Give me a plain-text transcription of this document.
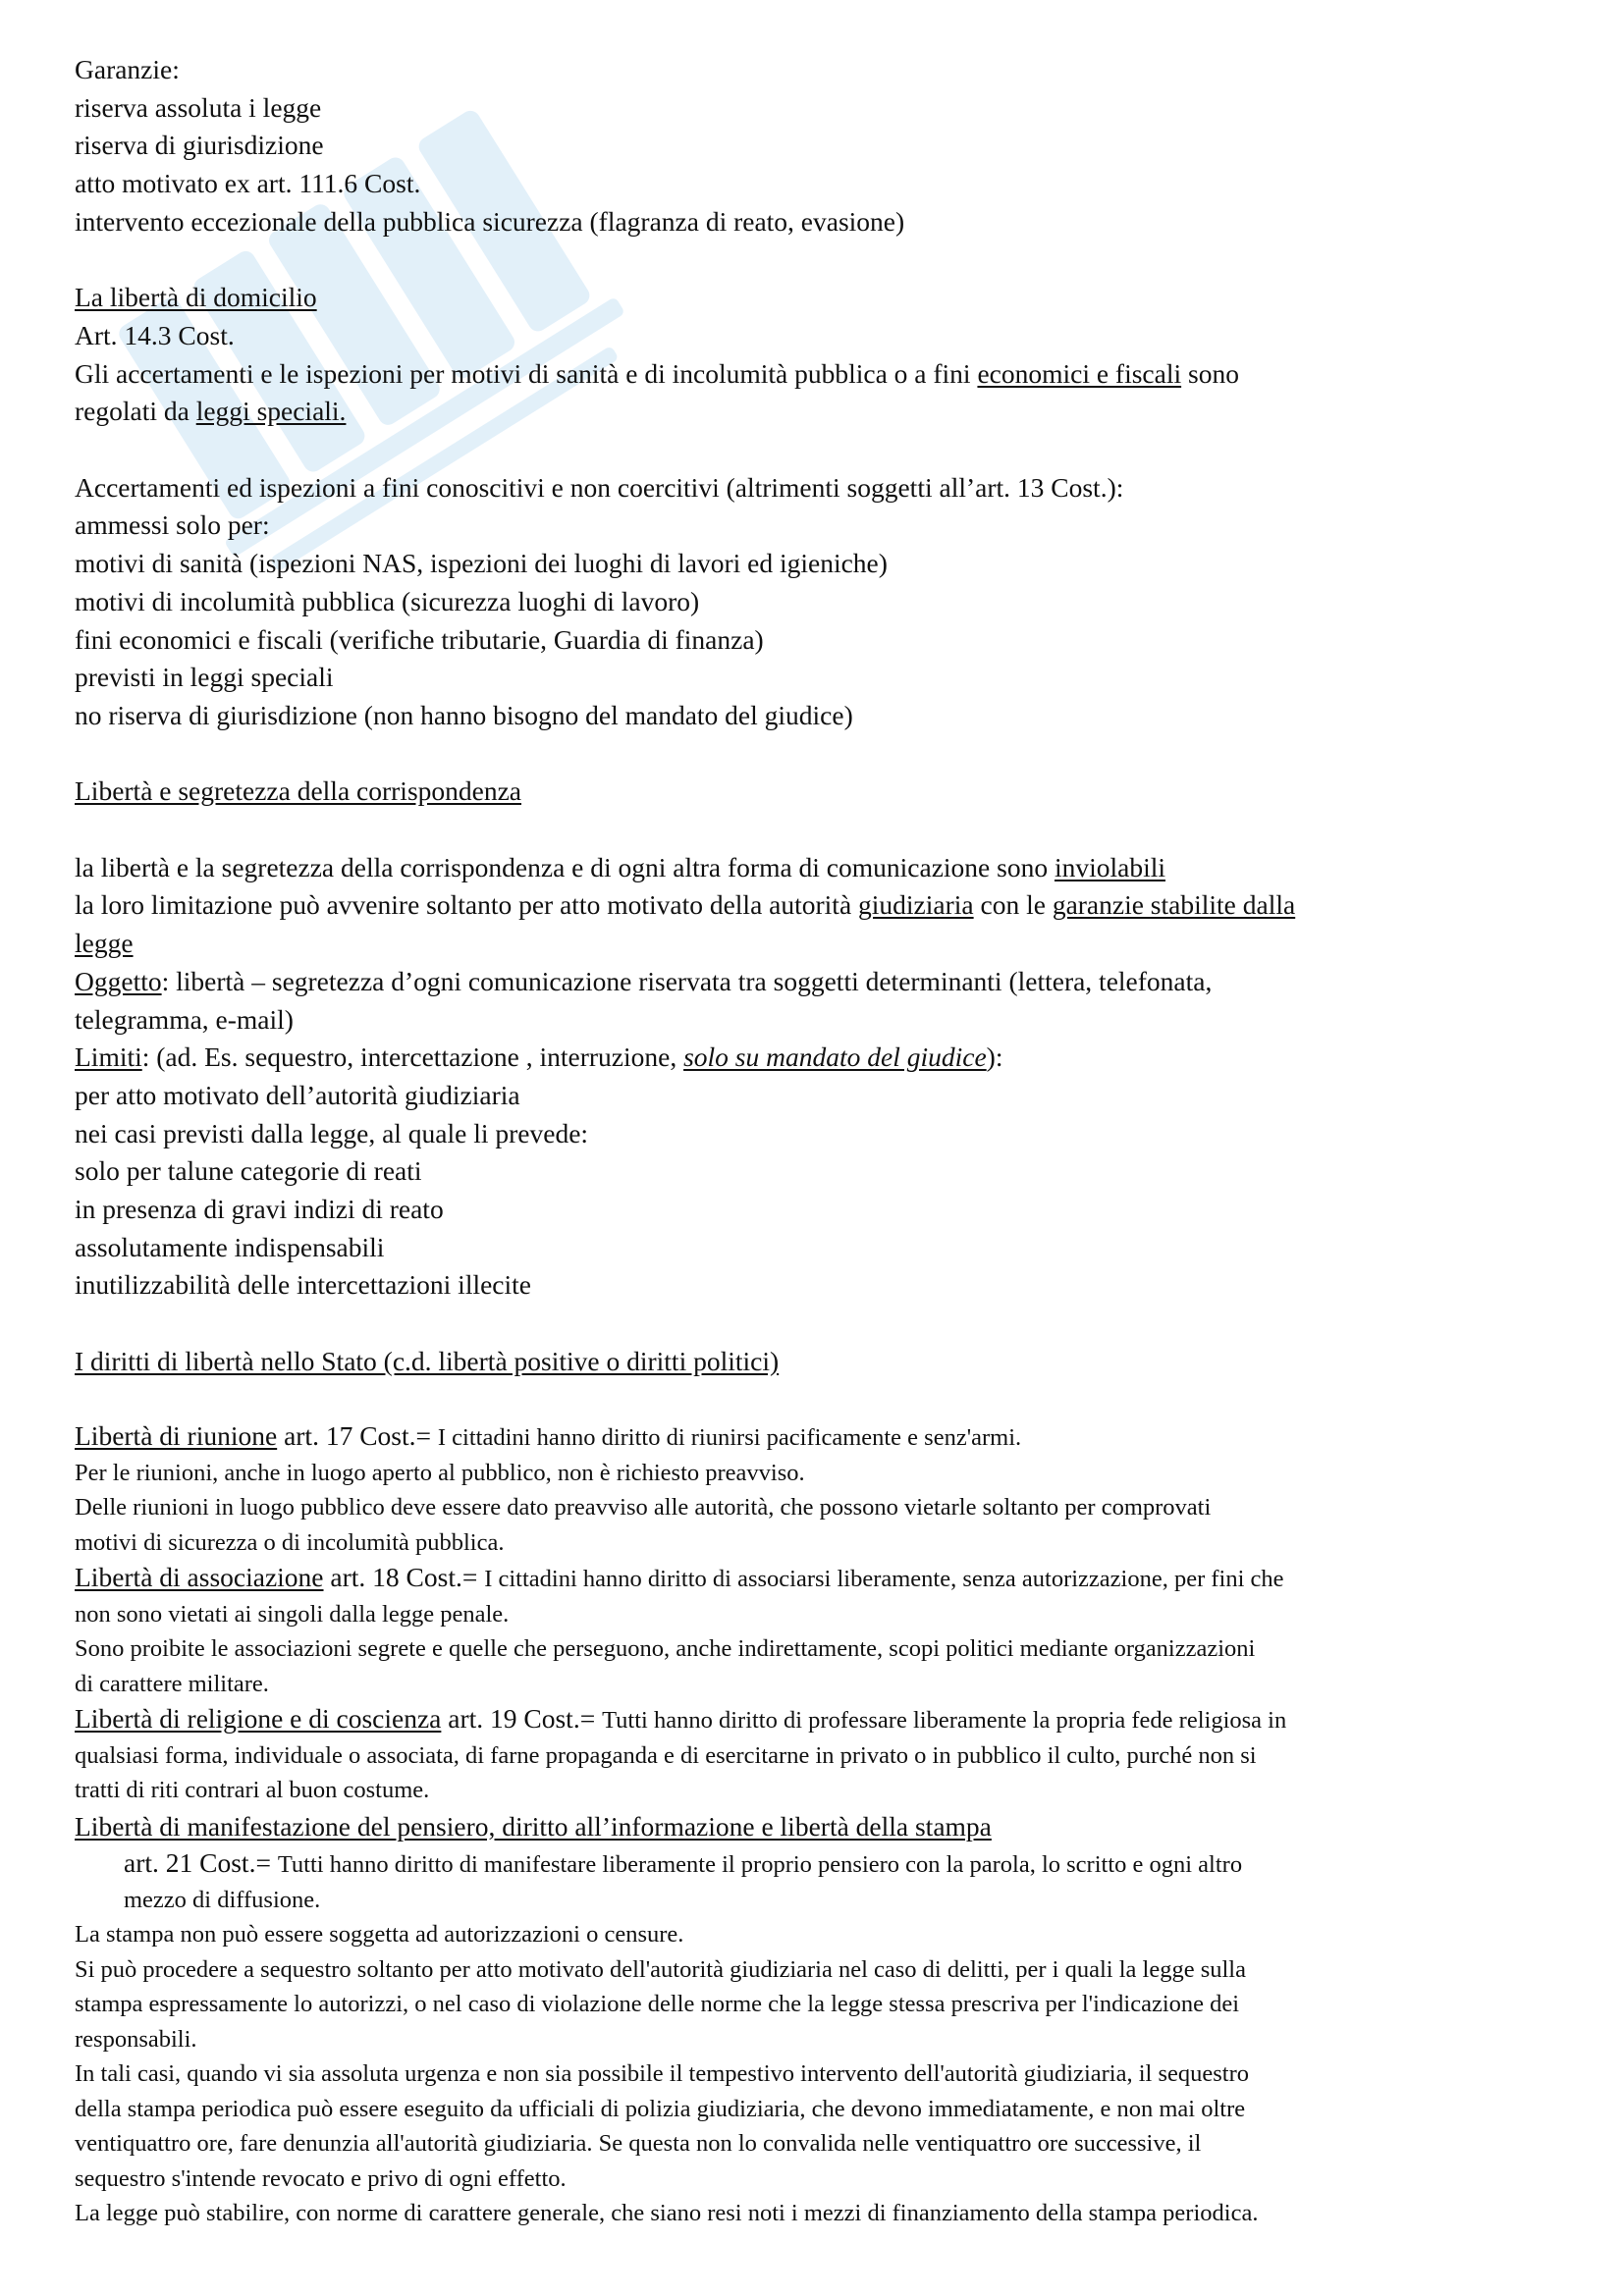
Garanzie:
riserva assoluta i legge
riserva di giurisdizione
atto motivato ex art. 111.6 Cost.
intervento eccezionale della pubblica sicurezza (flagranza di reato, evasione)
La libertà di domicilio
Art. 14.3 Cost.
Gli accertamenti e le ispezioni per motivi di sanità e di incolumità pubblica o a fini economici e fiscali sono
regolati da leggi speciali.
Accertamenti ed ispezioni a fini conoscitivi e non coercitivi (altrimenti soggetti all’art. 13 Cost.):
ammessi solo per:
motivi di sanità (ispezioni NAS, ispezioni dei luoghi di lavori ed igieniche)
motivi di incolumità pubblica (sicurezza luoghi di lavoro)
fini economici e fiscali (verifiche tributarie, Guardia di finanza)
previsti in leggi speciali
no riserva di giurisdizione (non hanno bisogno del mandato del giudice)
Libertà e segretezza della corrispondenza
la libertà e la segretezza della corrispondenza e di ogni altra forma di comunicazione sono inviolabili
la loro limitazione può avvenire soltanto per atto motivato della autorità giudiziaria con le garanzie stabilite dalla
legge
Oggetto: libertà – segretezza d’ogni comunicazione riservata tra soggetti determinanti (lettera, telefonata,
telegramma, e-mail)
Limiti: (ad. Es. sequestro, intercettazione , interruzione, solo su mandato del giudice):
per atto motivato dell’autorità giudiziaria
nei casi previsti dalla legge, al quale li prevede:
solo per talune categorie di reati
in presenza di gravi indizi di reato
assolutamente indispensabili
inutilizzabilità delle intercettazioni illecite
I diritti di libertà nello Stato (c.d. libertà positive o diritti politici)
Libertà di riunione art. 17 Cost.= I cittadini hanno diritto di riunirsi pacificamente e senz'armi.
Per le riunioni, anche in luogo aperto al pubblico, non è richiesto preavviso.
Delle riunioni in luogo pubblico deve essere dato preavviso alle autorità, che possono vietarle soltanto per comprovati
motivi di sicurezza o di incolumità pubblica.
Libertà di associazione art. 18 Cost.= I cittadini hanno diritto di associarsi liberamente, senza autorizzazione, per fini che
non sono vietati ai singoli dalla legge penale.
Sono proibite le associazioni segrete e quelle che perseguono, anche indirettamente, scopi politici mediante organizzazioni
di carattere militare.
Libertà di religione e di coscienza art. 19 Cost.= Tutti hanno diritto di professare liberamente la propria fede religiosa in
qualsiasi forma, individuale o associata, di farne propaganda e di esercitarne in privato o in pubblico il culto, purché non si
tratti di riti contrari al buon costume.
Libertà di manifestazione del pensiero, diritto all’informazione e libertà della stampa
art. 21 Cost.= Tutti hanno diritto di manifestare liberamente il proprio pensiero con la parola, lo scritto e ogni altro
mezzo di diffusione.
La stampa non può essere soggetta ad autorizzazioni o censure.
Si può procedere a sequestro soltanto per atto motivato dell'autorità giudiziaria nel caso di delitti, per i quali la legge sulla
stampa espressamente lo autorizzi, o nel caso di violazione delle norme che la legge stessa prescriva per l'indicazione dei
responsabili.
In tali casi, quando vi sia assoluta urgenza e non sia possibile il tempestivo intervento dell'autorità giudiziaria, il sequestro
della stampa periodica può essere eseguito da ufficiali di polizia giudiziaria, che devono immediatamente, e non mai oltre
ventiquattro ore, fare denunzia all'autorità giudiziaria. Se questa non lo convalida nelle ventiquattro ore successive, il
sequestro s'intende revocato e privo di ogni effetto.
La legge può stabilire, con norme di carattere generale, che siano resi noti i mezzi di finanziamento della stampa periodica.
